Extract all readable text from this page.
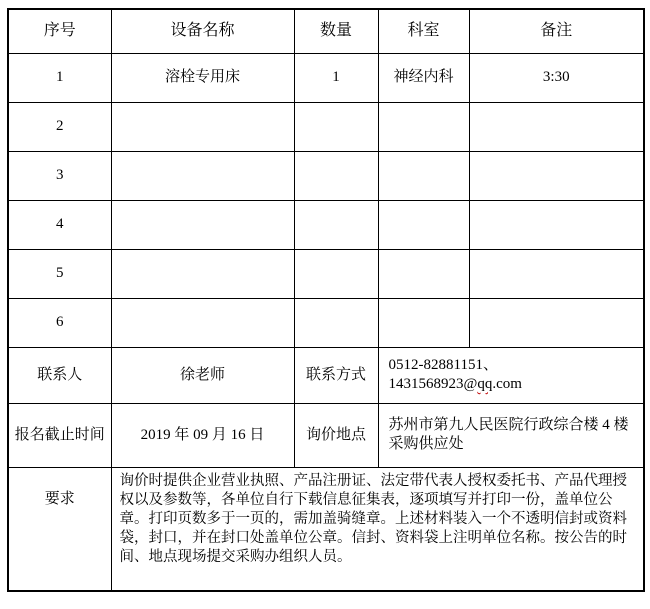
序号	设备名称	数量	科室	备注
1	溶栓专用床	1	神经内科	3:30
2				
3				
4				
5				
6				
联系人	徐老师	联系方式	0512-82881151、 1431568923@qq.com	
报名截止时间	2019 年 09 月 16 日	询价地点	苏州市第九人民医院行政综合楼 4 楼采购供应处	
要求	询价时提供企业营业执照、产品注册证、法定带代表人授权委托书、产品代理授权以及参数等，各单位自行下载信息征集表，逐项填写并打印一份，盖单位公章。打印页数多于一页的，需加盖骑缝章。上述材料装入一个不透明信封或资料袋，封口，并在封口处盖单位公章。信封、资料袋上注明单位名称。按公告的时间、地点现场提交采购办组织人员。			
